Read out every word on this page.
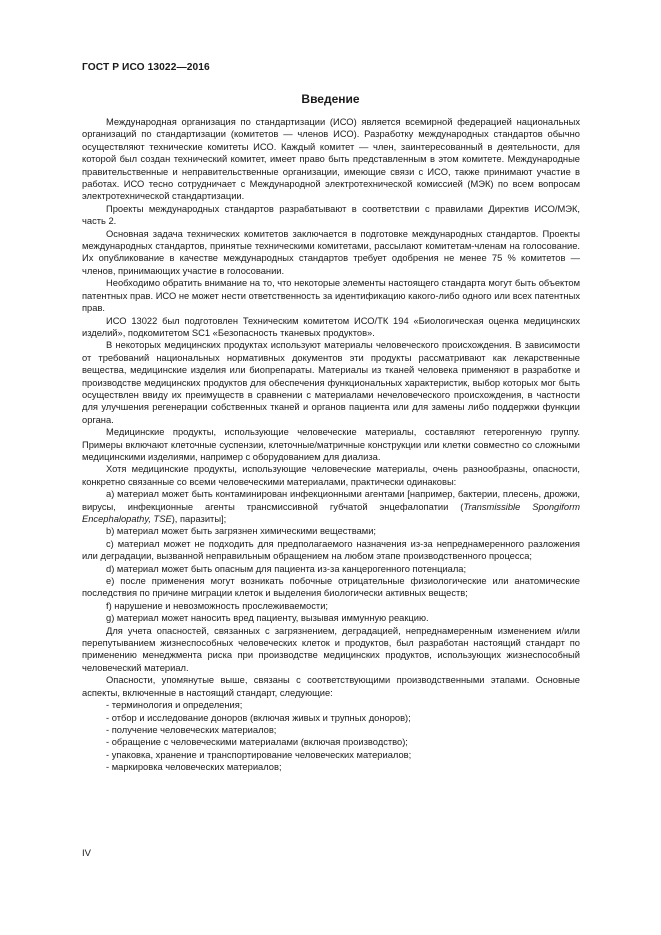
ГОСТ Р ИСО 13022—2016
Введение

Международная организация по стандартизации (ИСО) является всемирной федерацией национальных организаций по стандартизации (комитетов — членов ИСО). Разработку международных стандартов обычно осуществляют технические комитеты ИСО. Каждый комитет — член, заинтересованный в деятельности, для которой был создан технический комитет, имеет право быть представленным в этом комитете. Международные правительственные и неправительственные организации, имеющие связи с ИСО, также принимают участие в работах. ИСО тесно сотрудничает с Международной электротехнической комиссией (МЭК) по всем вопросам электротехнической стандартизации.

Проекты международных стандартов разрабатывают в соответствии с правилами Директив ИСО/МЭК, часть 2.

Основная задача технических комитетов заключается в подготовке международных стандартов. Проекты международных стандартов, принятые техническими комитетами, рассылают комитетам-членам на голосование. Их опубликование в качестве международных стандартов требует одобрения не менее 75 % комитетов — членов, принимающих участие в голосовании.

Необходимо обратить внимание на то, что некоторые элементы настоящего стандарта могут быть объектом патентных прав. ИСО не может нести ответственность за идентификацию какого-либо одного или всех патентных прав.

ИСО 13022 был подготовлен Техническим комитетом ИСО/ТК 194 «Биологическая оценка медицинских изделий», подкомитетом SC1 «Безопасность тканевых продуктов».

В некоторых медицинских продуктах используют материалы человеческого происхождения. В зависимости от требований национальных нормативных документов эти продукты рассматривают как лекарственные вещества, медицинские изделия или биопрепараты. Материалы из тканей человека применяют в разработке и производстве медицинских продуктов для обеспечения функциональных характеристик, выбор которых мог быть осуществлен ввиду их преимуществ в сравнении с материалами нечеловеческого происхождения, в частности для улучшения регенерации собственных тканей и органов пациента или для замены либо поддержки функции органа.

Медицинские продукты, использующие человеческие материалы, составляют гетерогенную группу. Примеры включают клеточные суспензии, клеточные/матричные конструкции или клетки совместно со сложными медицинскими изделиями, например с оборудованием для диализа.

Хотя медицинские продукты, использующие человеческие материалы, очень разнообразны, опасности, конкретно связанные со всеми человеческими материалами, практически одинаковы:

а) материал может быть контаминирован инфекционными агентами [например, бактерии, плесень, дрожжи, вирусы, инфекционные агенты трансмиссивной губчатой энцефалопатии (Transmissible Spongiform Encephalopathy, TSE), паразиты];

b) материал может быть загрязнен химическими веществами;

с) материал может не подходить для предполагаемого назначения из-за непреднамеренного разложения или деградации, вызванной неправильным обращением на любом этапе производственного процесса;

d) материал может быть опасным для пациента из-за канцерогенного потенциала;

е) после применения могут возникать побочные отрицательные физиологические или анатомические последствия по причине миграции клеток и выделения биологически активных веществ;

f) нарушение и невозможность прослеживаемости;

g) материал может наносить вред пациенту, вызывая иммунную реакцию.

Для учета опасностей, связанных с загрязнением, деградацией, непреднамеренным изменением и/или перепутыванием жизнеспособных человеческих клеток и продуктов, был разработан настоящий стандарт по применению менеджмента риска при производстве медицинских продуктов, использующих жизнеспособный человеческий материал.

Опасности, упомянутые выше, связаны с соответствующими производственными этапами. Основные аспекты, включенные в настоящий стандарт, следующие:

- терминология и определения;

- отбор и исследование доноров (включая живых и трупных доноров);

- получение человеческих материалов;

- обращение с человеческими материалами (включая производство);

- упаковка, хранение и транспортирование человеческих материалов;

- маркировка человеческих материалов;

IV
